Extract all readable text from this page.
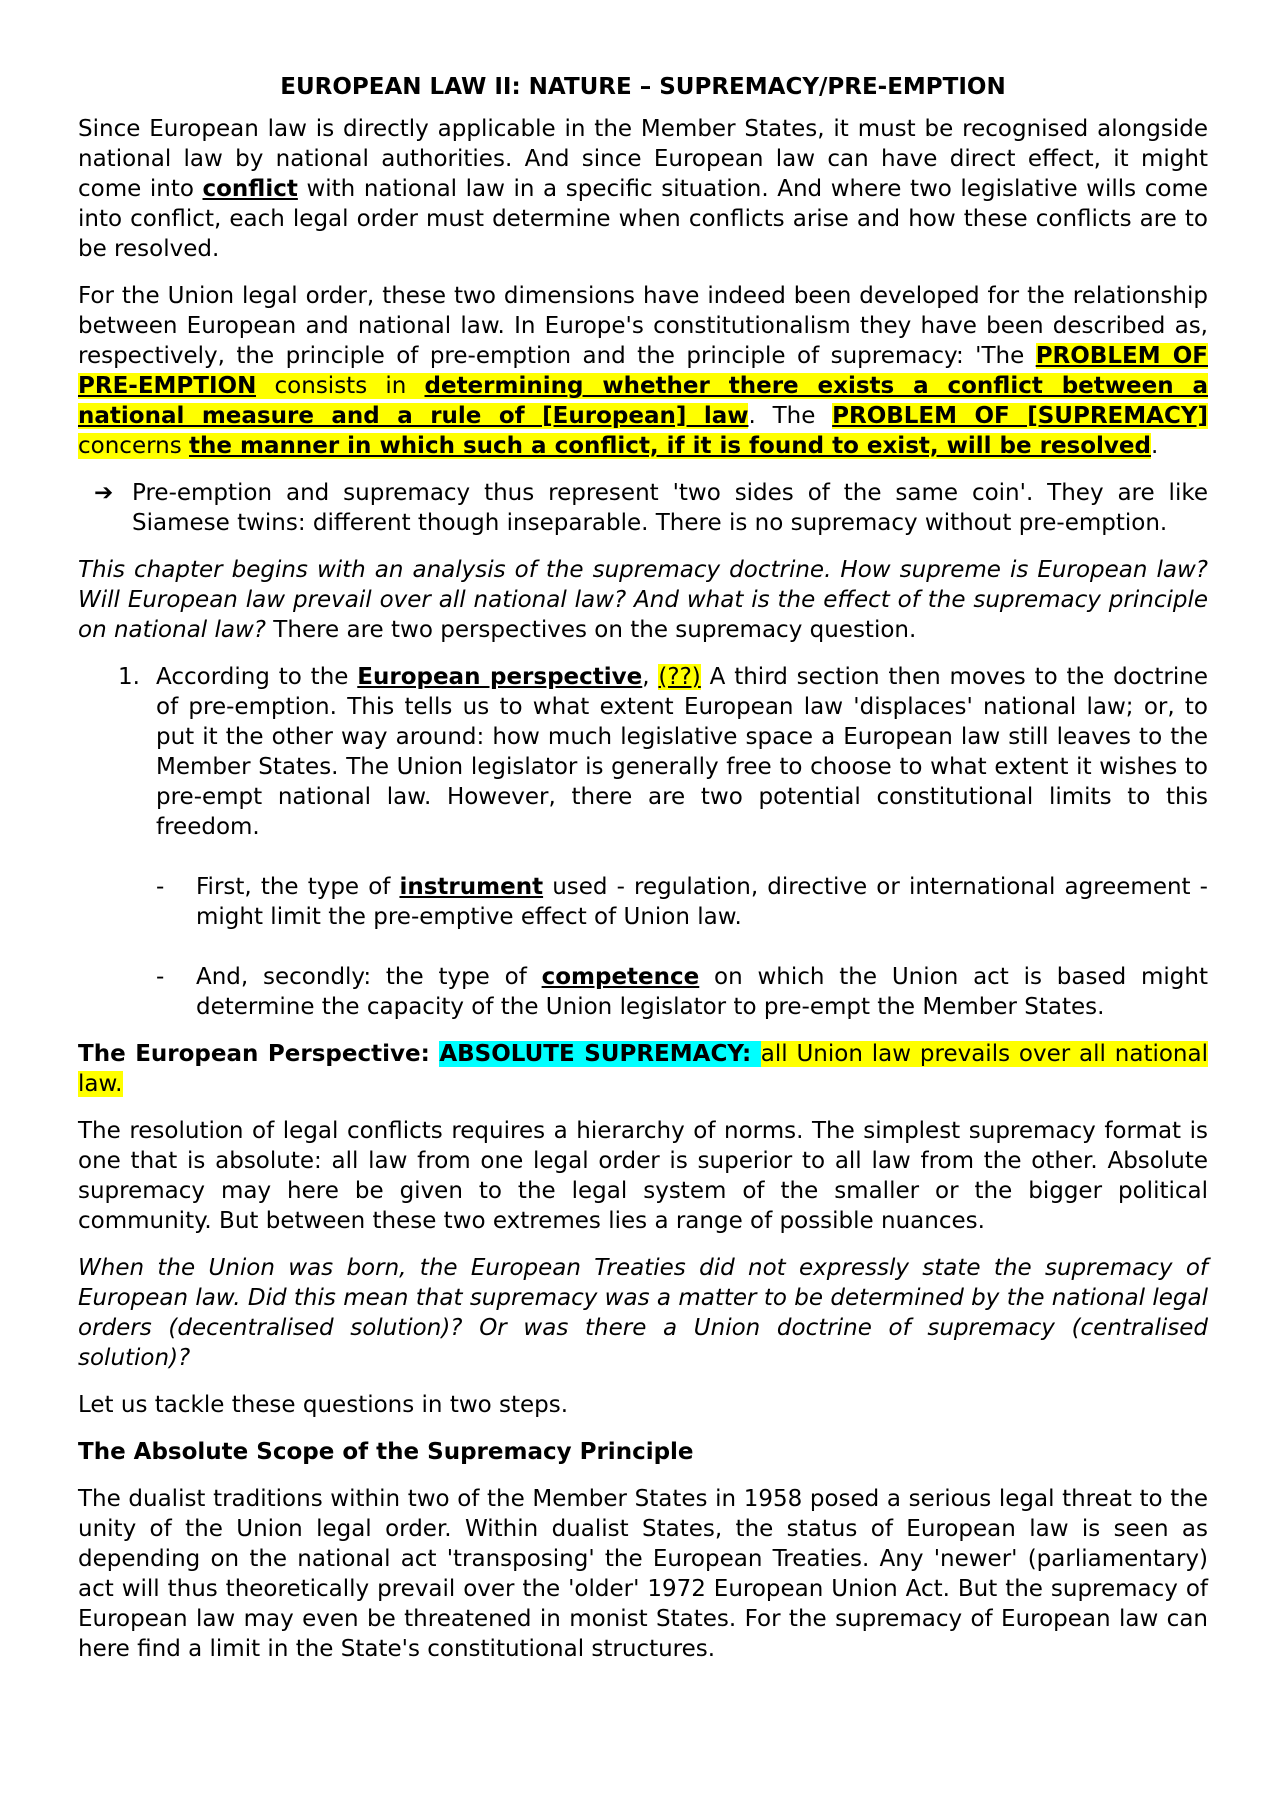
EUROPEAN LAW II: NATURE – SUPREMACY/PRE-EMPTION

Since European law is directly applicable in the Member States, it must be recognised alongside national law by national authorities. And since European law can have direct effect, it might come into conflict with national law in a specific situation. And where two legislative wills come into conflict, each legal order must determine when conflicts arise and how these conflicts are to be resolved.

For the Union legal order, these two dimensions have indeed been developed for the relationship between European and national law. In Europe's constitutionalism they have been described as, respectively, the principle of pre-emption and the principle of supremacy: 'The PROBLEM OF PRE-EMPTION consists in determining whether there exists a conflict between a national measure and a rule of [European] law. The PROBLEM OF [SUPREMACY] concerns the manner in which such a conflict, if it is found to exist, will be resolved.

➔ Pre-emption and supremacy thus represent 'two sides of the same coin'. They are like Siamese twins: different though inseparable. There is no supremacy without pre-emption.

This chapter begins with an analysis of the supremacy doctrine. How supreme is European law? Will European law prevail over all national law? And what is the effect of the supremacy principle on national law? There are two perspectives on the supremacy question.

1. According to the European perspective, (??) A third section then moves to the doctrine of pre-emption. This tells us to what extent European law 'displaces' national law; or, to put it the other way around: how much legislative space a European law still leaves to the Member States. The Union legislator is generally free to choose to what extent it wishes to pre-empt national law. However, there are two potential constitutional limits to this freedom.
-	First, the type of instrument used - regulation, directive or international agreement - might limit the pre-emptive effect of Union law.
-	And, secondly: the type of competence on which the Union act is based might determine the capacity of the Union legislator to pre-empt the Member States.

The European Perspective: ABSOLUTE SUPREMACY: all Union law prevails over all national law.

The resolution of legal conflicts requires a hierarchy of norms. The simplest supremacy format is one that is absolute: all law from one legal order is superior to all law from the other. Absolute supremacy may here be given to the legal system of the smaller or the bigger political community. But between these two extremes lies a range of possible nuances.

When the Union was born, the European Treaties did not expressly state the supremacy of European law. Did this mean that supremacy was a matter to be determined by the national legal orders (decentralised solution)? Or was there a Union doctrine of supremacy (centralised solution)?

Let us tackle these questions in two steps.

The Absolute Scope of the Supremacy Principle

The dualist traditions within two of the Member States in 1958 posed a serious legal threat to the unity of the Union legal order. Within dualist States, the status of European law is seen as depending on the national act 'transposing' the European Treaties. Any 'newer' (parliamentary) act will thus theoretically prevail over the 'older' 1972 European Union Act. But the supremacy of European law may even be threatened in monist States. For the supremacy of European law can here find a limit in the State's constitutional structures.
